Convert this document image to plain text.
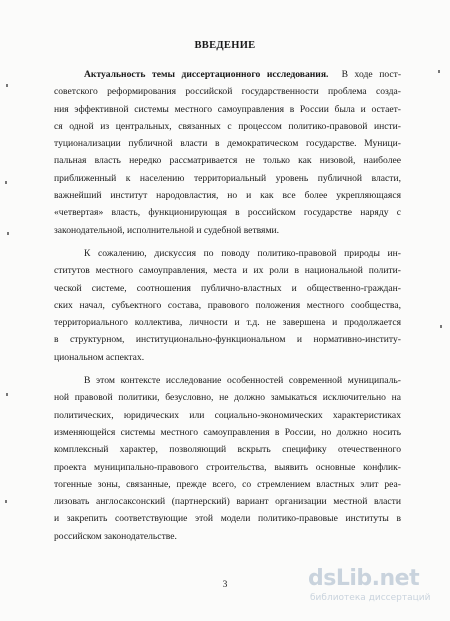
ВВЕДЕНИЕ
Актуальность темы диссертационного исследования. В ходе пост-
советского реформирования российской государственности проблема созда-
ния эффективной системы местного самоуправления в России была и остает-
ся одной из центральных, связанных с процессом политико-правовой инсти-
туционализации публичной власти в демократическом государстве. Муници-
пальная власть нередко рассматривается не только как низовой, наиболее
приближенный к населению территориальный уровень публичной власти,
важнейший институт народовластия, но и как все более укрепляющаяся
«четвертая» власть, функционирующая в российском государстве наряду с
законодательной, исполнительной и судебной ветвями.
К сожалению, дискуссия по поводу политико-правовой природы ин-
ститутов местного самоуправления, места и их роли в национальной полити-
ческой системе, соотношения публично-властных и общественно-граждан-
ских начал, субъектного состава, правового положения местного сообщества,
территориального коллектива, личности и т.д. не завершена и продолжается
в структурном, институционально-функциональном и нормативно-институ-
циональном аспектах.
В этом контексте исследование особенностей современной муниципаль-
ной правовой политики, безусловно, не должно замыкаться исключительно на
политических, юридических или социально-экономических характеристиках
изменяющейся системы местного самоуправления в России, но должно носить
комплексный характер, позволяющий вскрыть специфику отечественного
проекта муниципально-правового строительства, выявить основные конфлик-
тогенные зоны, связанные, прежде всего, со стремлением властных элит реа-
лизовать англосаксонский (партнерский) вариант организации местной власти
и закрепить соответствующие этой модели политико-правовые институты в
российском законодательстве.
3	dsLib.net
библиотека диссертаций
